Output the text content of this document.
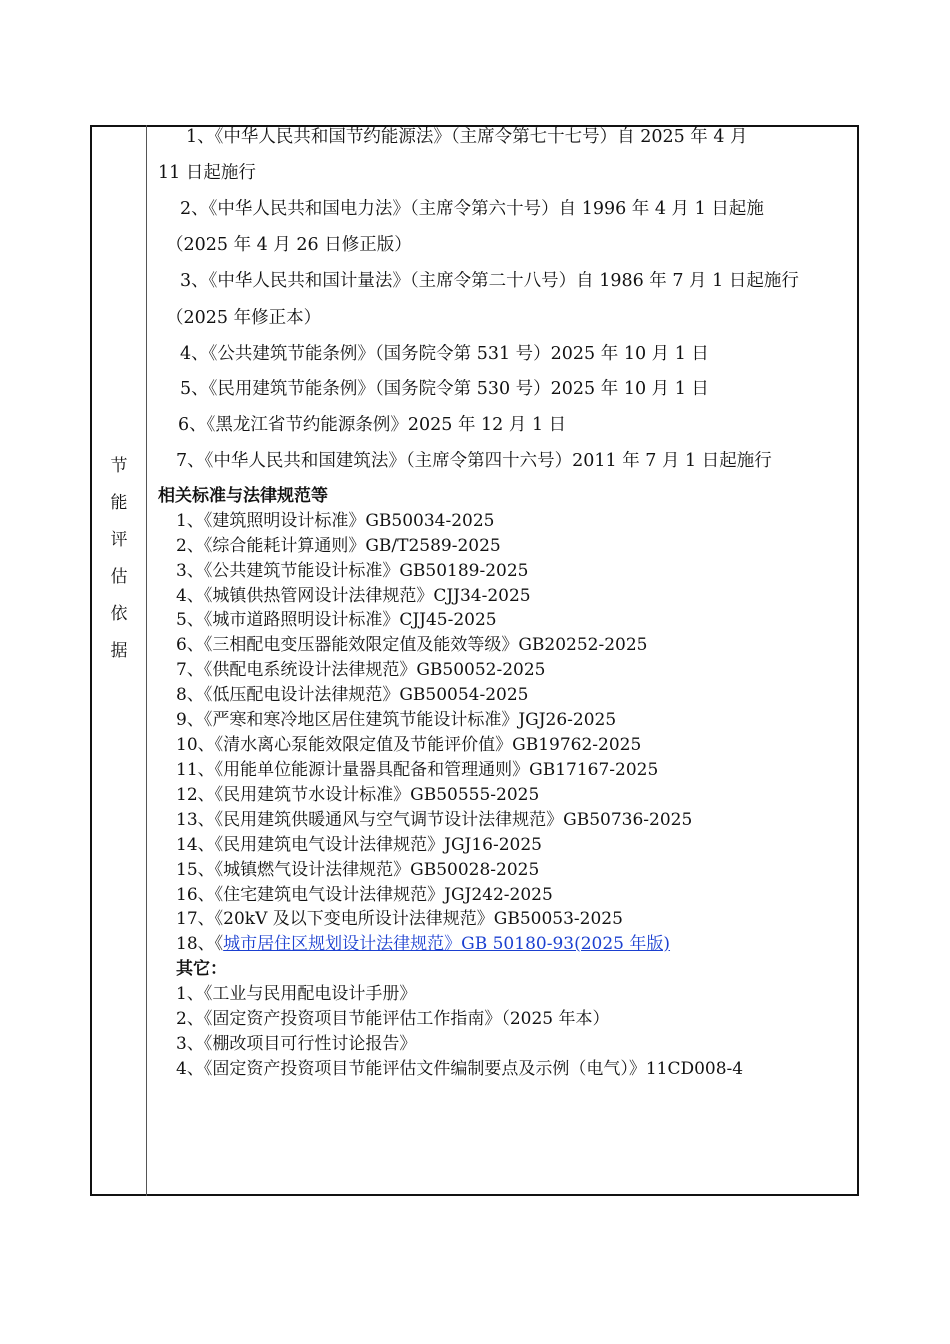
节
能
评
估
依
据
1、《中华人民共和国节约能源法》（主席令第七十七号）自 2025 年 4 月
11 日起施行
2、《中华人民共和国电力法》（主席令第六十号）自 1996 年 4 月 1 日起施
（2025 年 4 月 26 日修正版）
3、《中华人民共和国计量法》（主席令第二十八号）自 1986 年 7 月 1 日起施行
（2025 年修正本）
4、《公共建筑节能条例》（国务院令第 531 号）2025 年 10 月 1 日
5、《民用建筑节能条例》（国务院令第 530 号）2025 年 10 月 1 日
6、《黑龙江省节约能源条例》2025 年 12 月 1 日
7、《中华人民共和国建筑法》（主席令第四十六号）2011 年 7 月 1 日起施行
相关标准与法律规范等
1、《建筑照明设计标准》GB50034-2025
2、《综合能耗计算通则》GB/T2589-2025
3、《公共建筑节能设计标准》GB50189-2025
4、《城镇供热管网设计法律规范》CJJ34-2025
5、《城市道路照明设计标准》CJJ45-2025
6、《三相配电变压器能效限定值及能效等级》GB20252-2025
7、《供配电系统设计法律规范》GB50052-2025
8、《低压配电设计法律规范》GB50054-2025
9、《严寒和寒冷地区居住建筑节能设计标准》JGJ26-2025
10、《清水离心泵能效限定值及节能评价值》GB19762-2025
11、《用能单位能源计量器具配备和管理通则》GB17167-2025
12、《民用建筑节水设计标准》GB50555-2025
13、《民用建筑供暖通风与空气调节设计法律规范》GB50736-2025
14、《民用建筑电气设计法律规范》JGJ16-2025
15、《城镇燃气设计法律规范》GB50028-2025
16、《住宅建筑电气设计法律规范》JGJ242-2025
17、《20kV 及以下变电所设计法律规范》GB50053-2025
18、《城市居住区规划设计法律规范》GB 50180-93(2025 年版)
其它：
1、《工业与民用配电设计手册》
2、《固定资产投资项目节能评估工作指南》（2025 年本）
3、《棚改项目可行性讨论报告》
4、《固定资产投资项目节能评估文件编制要点及示例（电气）》11CD008-4
